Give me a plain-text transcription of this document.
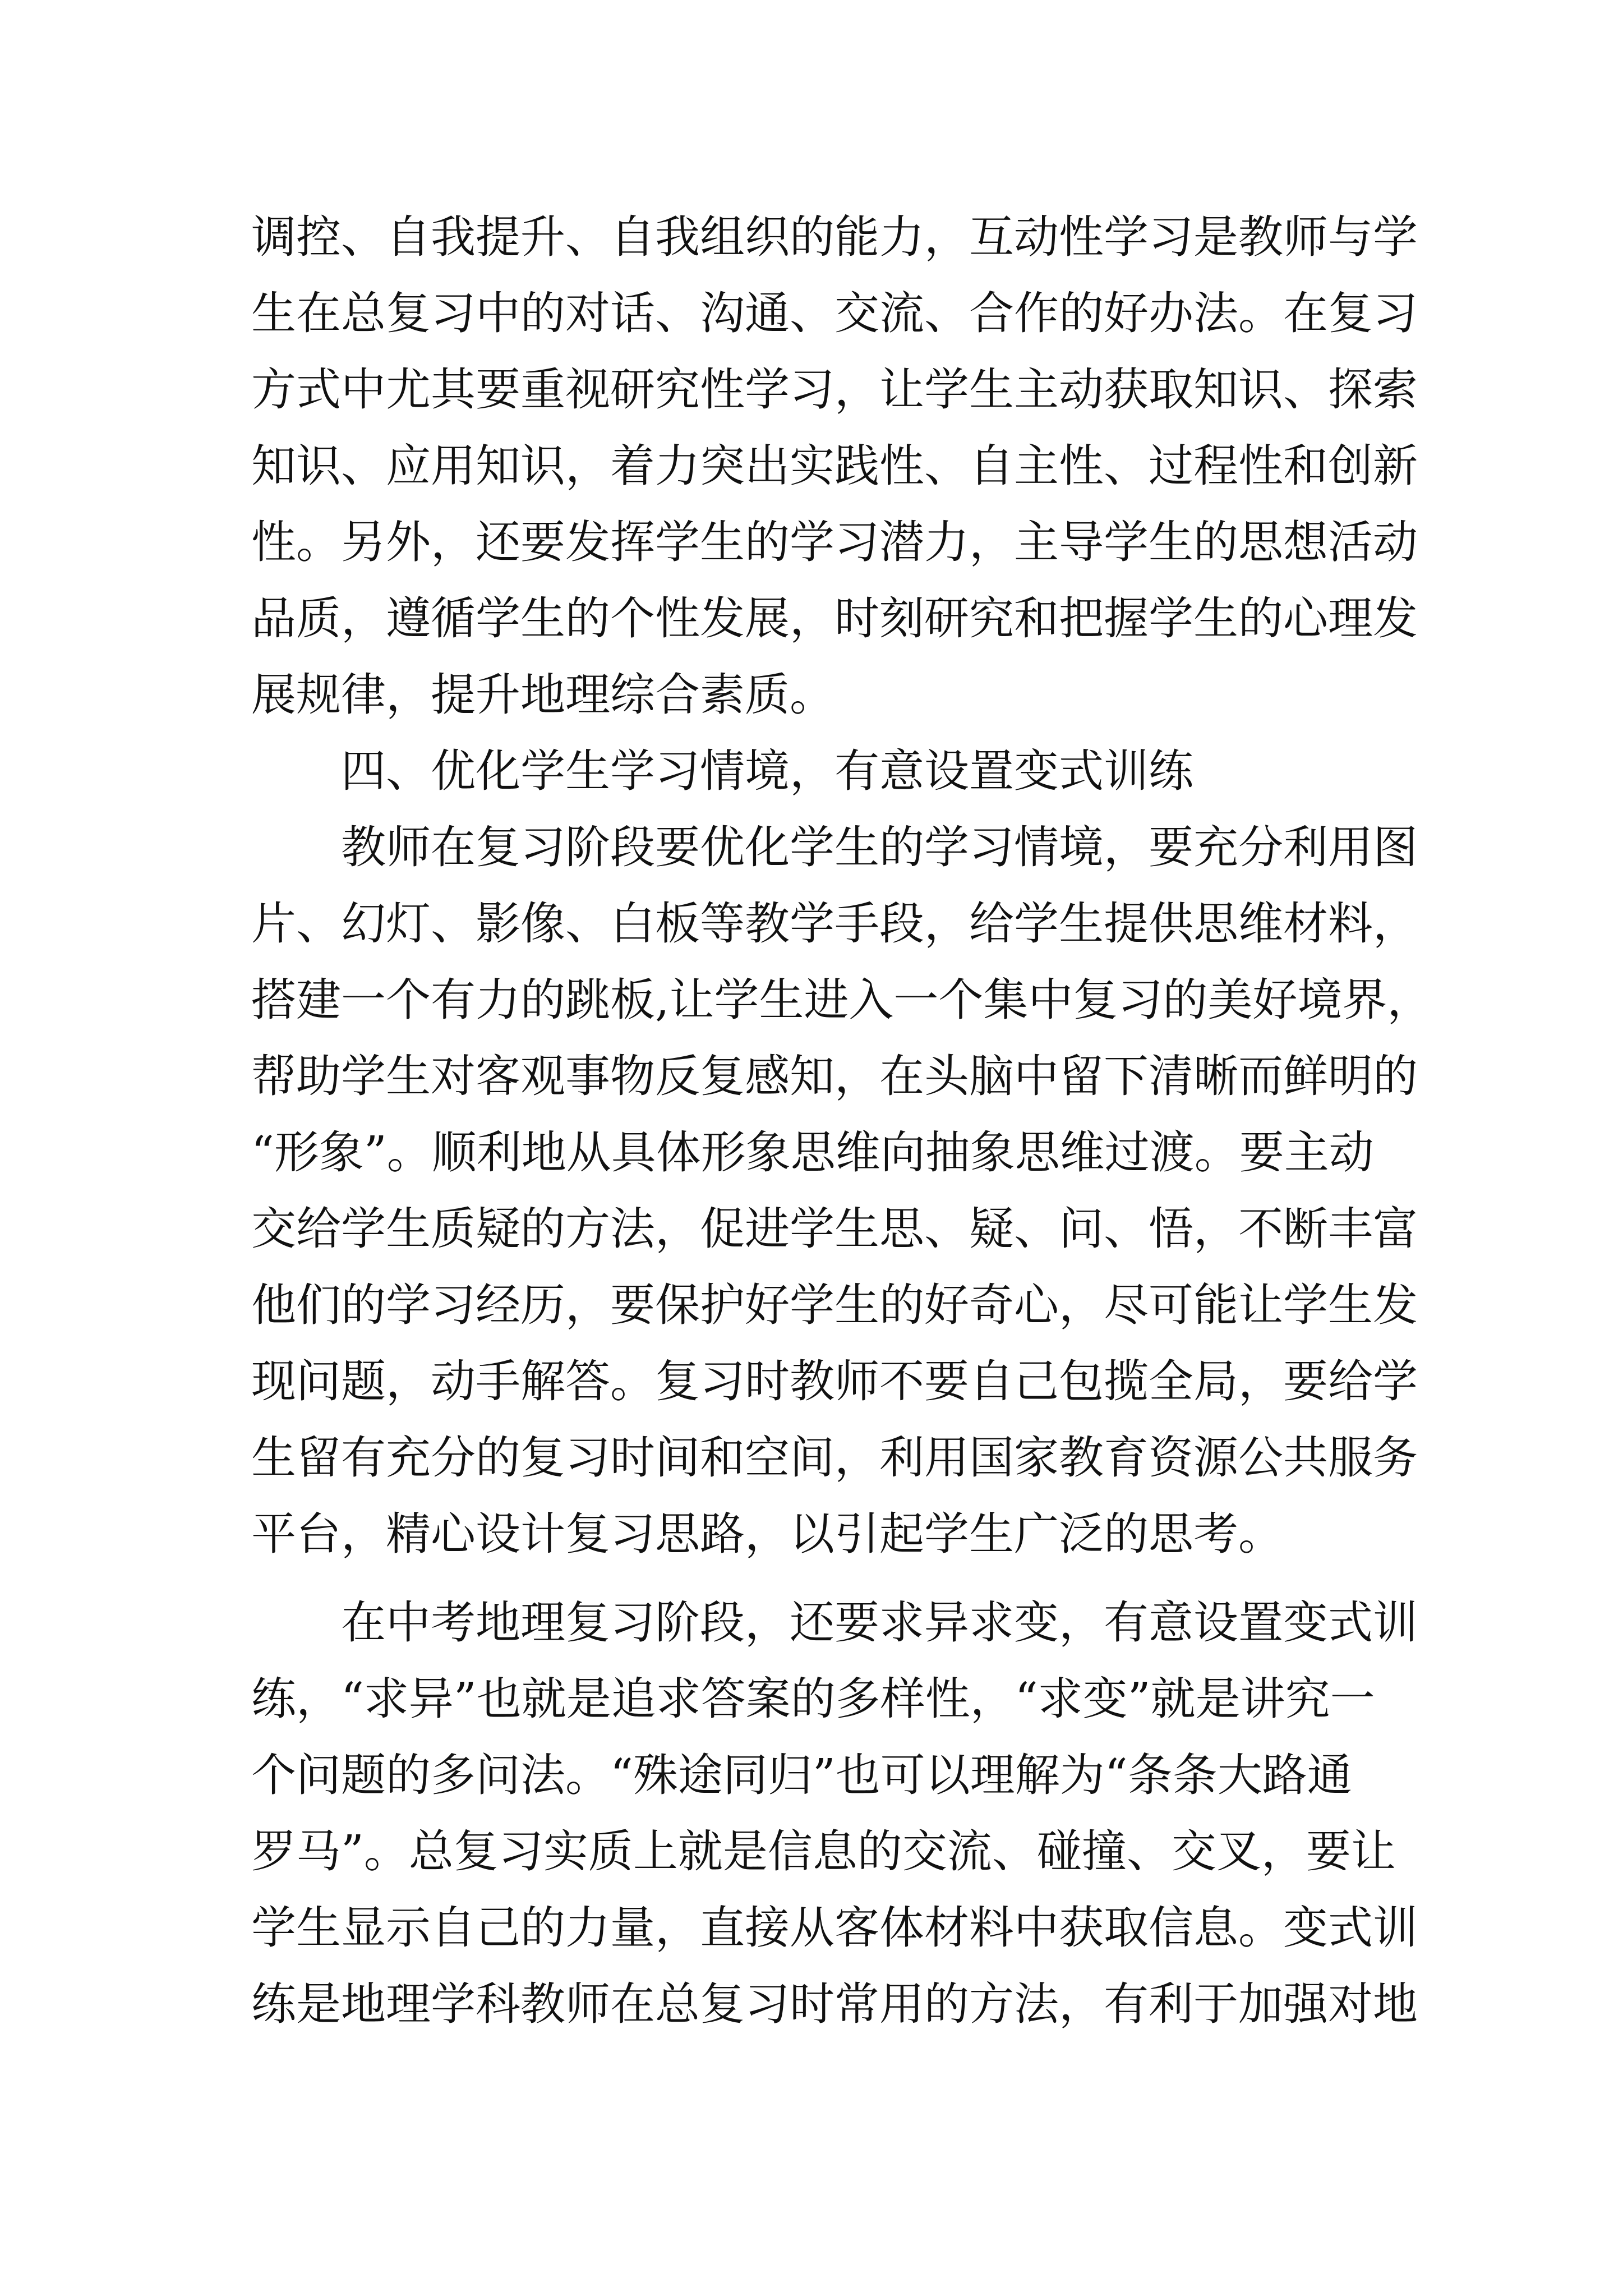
调控、自我提升、自我组织的能力，互动性学习是教师与学

生在总复习中的对话、沟通、交流、合作的好办法。在复习

方式中尤其要重视研究性学习，让学生主动获取知识、探索

知识、应用知识，着力突出实践性、自主性、过程性和创新

性。另外，还要发挥学生的学习潜力，主导学生的思想活动

品质，遵循学生的个性发展，时刻研究和把握学生的心理发

展规律，提升地理综合素质。

　　四、优化学生学习情境，有意设置变式训练

　　教师在复习阶段要优化学生的学习情境，要充分利用图

片、幻灯、影像、白板等教学手段，给学生提供思维材料，

搭建一个有力的跳板,让学生进入一个集中复习的美好境界，

帮助学生对客观事物反复感知，在头脑中留下清晰而鲜明的

“形象”。顺利地从具体形象思维向抽象思维过渡。要主动

交给学生质疑的方法，促进学生思、疑、问、悟，不断丰富

他们的学习经历，要保护好学生的好奇心，尽可能让学生发

现问题，动手解答。复习时教师不要自己包揽全局，要给学

生留有充分的复习时间和空间，利用国家教育资源公共服务

平台，精心设计复习思路，以引起学生广泛的思考。

　　在中考地理复习阶段，还要求异求变，有意设置变式训

练，“求异”也就是追求答案的多样性，“求变”就是讲究一

个问题的多问法。“殊途同归”也可以理解为“条条大路通

罗马”。总复习实质上就是信息的交流、碰撞、交叉，要让

学生显示自己的力量，直接从客体材料中获取信息。变式训

练是地理学科教师在总复习时常用的方法，有利于加强对地
